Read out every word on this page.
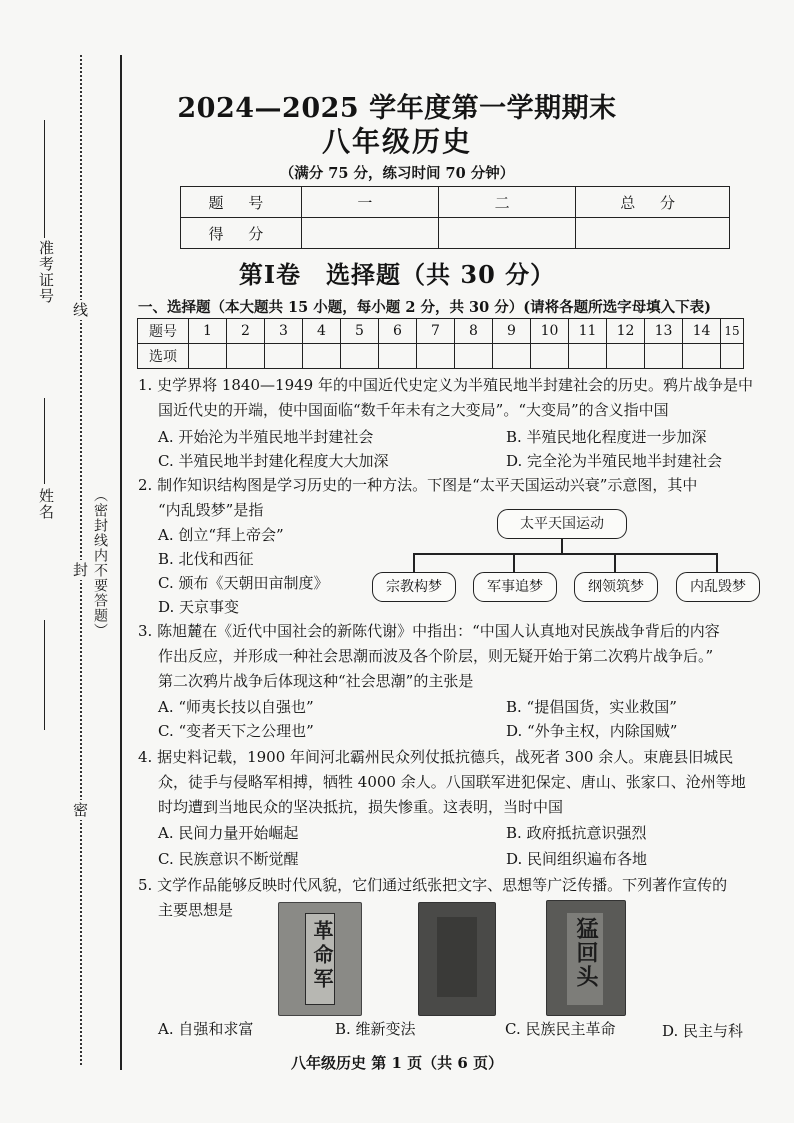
准考证号
姓名
线
封
密
（密封线内不要答题）
2024—2025 学年度第一学期期末
八年级历史
（满分 75 分，练习时间 70 分钟）
题 号	一	二	总 分
得 分			
第Ⅰ卷　选择题（共 30 分）
一、选择题（本大题共 15 小题，每小题 2 分，共 30 分）(请将各题所选字母填入下表)
题号	1	2	3	4	5	6	7	8	9	10	11	12	13	14	15
选项															
1. 史学界将 1840—1949 年的中国近代史定义为半殖民地半封建社会的历史。鸦片战争是中
国近代史的开端，使中国面临“数千年未有之大变局”。“大变局”的含义指中国
A. 开始沦为半殖民地半封建社会	B. 半殖民地化程度进一步加深
C. 半殖民地半封建化程度大大加深	D. 完全沦为半殖民地半封建社会
2. 制作知识结构图是学习历史的一种方法。下图是“太平天国运动兴衰”示意图，其中
“内乱毁梦”是指
A. 创立“拜上帝会”
B. 北伐和西征
C. 颁布《天朝田亩制度》
D. 天京事变
太平天国运动
宗教构梦	军事追梦	纲领筑梦	内乱毁梦
3. 陈旭麓在《近代中国社会的新陈代谢》中指出：“中国人认真地对民族战争背后的内容
作出反应，并形成一种社会思潮而波及各个阶层，则无疑开始于第二次鸦片战争后。”
第二次鸦片战争后体现这种“社会思潮”的主张是
A. “师夷长技以自强也”	B. “提倡国货，实业救国”
C. “变者天下之公理也”	D. “外争主权，内除国贼”
4. 据史料记载，1900 年间河北霸州民众列仗抵抗德兵，战死者 300 余人。束鹿县旧城民
众，徒手与侵略军相搏，牺牲 4000 余人。八国联军进犯保定、唐山、张家口、沧州等地
时均遭到当地民众的坚决抵抗，损失惨重。这表明，当时中国
A. 民间力量开始崛起	B. 政府抵抗意识强烈
C. 民族意识不断觉醒	D. 民间组织遍布各地
5. 文学作品能够反映时代风貌，它们通过纸张把文字、思想等广泛传播。下列著作宣传的
主要思想是
革命军	猛回头
A. 自强和求富	B. 维新变法	C. 民族民主革命	D. 民主与科
八年级历史 第 1 页（共 6 页）
